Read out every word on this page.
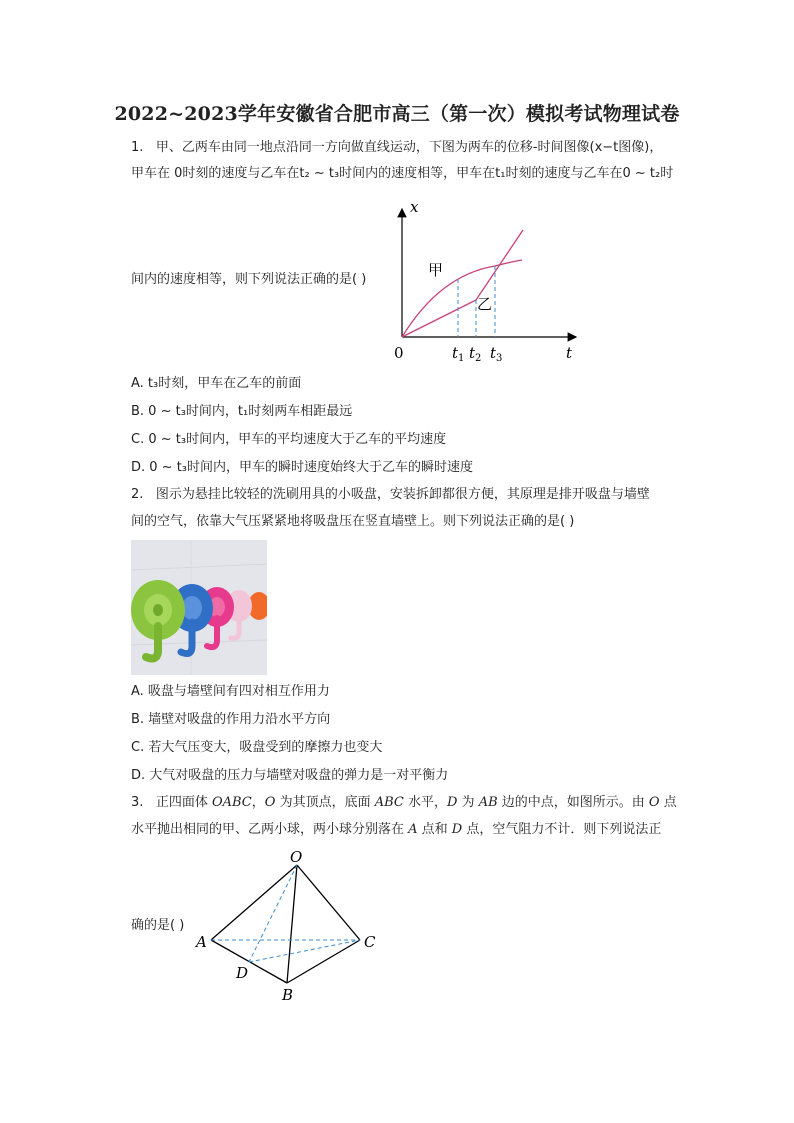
2022~2023学年安徽省合肥市高三（第一次）模拟考试物理试卷
1. 甲、乙两车由同一地点沿同一方向做直线运动，下图为两车的位移-时间图像(x−t图像)，
甲车在 0时刻的速度与乙车在t₂ ~ t₃时间内的速度相等，甲车在t₁时刻的速度与乙车在0 ~ t₂时
x
t
0
甲
乙
$t_1$ $t_2$ $t_3$
间内的速度相等，则下列说法正确的是( )
A. t₃时刻，甲车在乙车的前面
B. 0 ~ t₃时间内，t₁时刻两车相距最远
C. 0 ~ t₃时间内，甲车的平均速度大于乙车的平均速度
D. 0 ~ t₃时间内，甲车的瞬时速度始终大于乙车的瞬时速度
2. 图示为悬挂比较轻的洗刷用具的小吸盘，安装拆卸都很方便，其原理是排开吸盘与墙壁
间的空气，依靠大气压紧紧地将吸盘压在竖直墙壁上。则下列说法正确的是( )
A. 吸盘与墙壁间有四对相互作用力
B. 墙壁对吸盘的作用力沿水平方向
C. 若大气压变大，吸盘受到的摩擦力也变大
D. 大气对吸盘的压力与墙壁对吸盘的弹力是一对平衡力
3. 正四面体 OABC，O 为其顶点，底面 ABC 水平，D 为 AB 边的中点，如图所示。由 O 点
水平抛出相同的甲、乙两小球，两小球分别落在 A 点和 D 点，空气阻力不计．则下列说法正
O
A	C
D
B
确的是( )
